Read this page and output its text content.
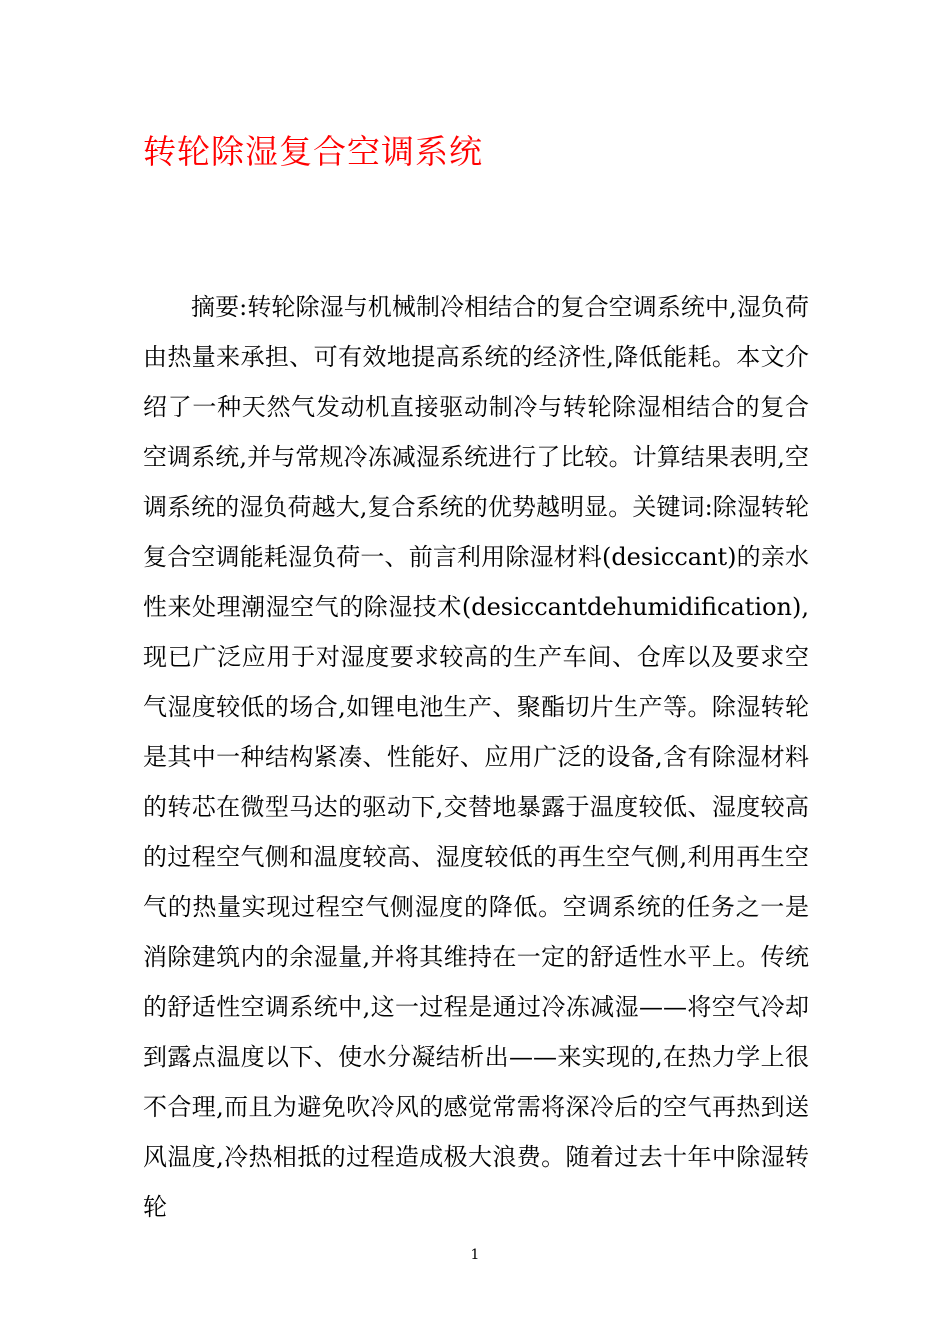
转轮除湿复合空调系统

摘要:转轮除湿与机械制冷相结合的复合空调系统中,湿负荷由热量来承担、可有效地提高系统的经济性,降低能耗。本文介绍了一种天然气发动机直接驱动制冷与转轮除湿相结合的复合空调系统,并与常规冷冻减湿系统进行了比较。计算结果表明,空调系统的湿负荷越大,复合系统的优势越明显。关键词:除湿转轮复合空调能耗湿负荷一、前言利用除湿材料(desiccant)的亲水性来处理潮湿空气的除湿技术(desiccantdehumidification),现已广泛应用于对湿度要求较高的生产车间、仓库以及要求空气湿度较低的场合,如锂电池生产、聚酯切片生产等。除湿转轮是其中一种结构紧凑、性能好、应用广泛的设备,含有除湿材料的转芯在微型马达的驱动下,交替地暴露于温度较低、湿度较高的过程空气侧和温度较高、湿度较低的再生空气侧,利用再生空气的热量实现过程空气侧湿度的降低。空调系统的任务之一是消除建筑内的余湿量,并将其维持在一定的舒适性水平上。传统的舒适性空调系统中,这一过程是通过冷冻减湿——将空气冷却到露点温度以下、使水分凝结析出——来实现的,在热力学上很不合理,而且为避免吹冷风的感觉常需将深冷后的空气再热到送风温度,冷热相抵的过程造成极大浪费。随着过去十年中除湿转轮

1
